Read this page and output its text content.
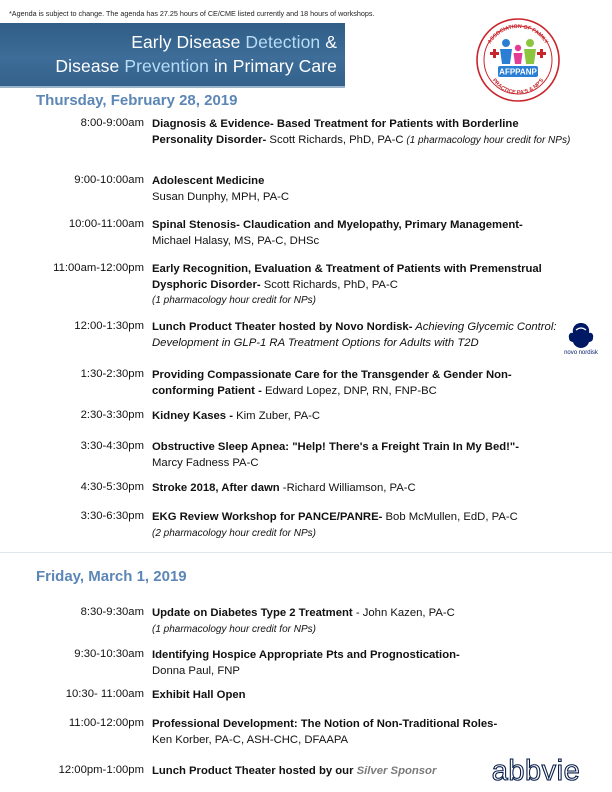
*Agenda is subject to change. The agenda has 27.25 hours of CE/CME listed currently and 18 hours of workshops.
Early Disease Detection &
Disease Prevention in Primary Care
ASSOCIATION OF FAMILY
PRACTICE PA'S & NP'S
AFPPANP
Thursday, February 28, 2019
8:00-9:00am Diagnosis & Evidence- Based Treatment for Patients with Borderline Personality Disorder- Scott Richards, PhD, PA-C (1 pharmacology hour credit for NPs)
9:00-10:00am Adolescent Medicine
Susan Dunphy, MPH, PA-C
10:00-11:00am Spinal Stenosis- Claudication and Myelopathy, Primary Management-
Michael Halasy, MS, PA-C, DHSc
11:00am-12:00pm Early Recognition, Evaluation & Treatment of Patients with Premenstrual Dysphoric Disorder- Scott Richards, PhD, PA-C
(1 pharmacology hour credit for NPs)
12:00-1:30pm Lunch Product Theater hosted by Novo Nordisk- Achieving Glycemic Control: Development in GLP-1 RA Treatment Options for Adults with T2D
novo nordisk
1:30-2:30pm Providing Compassionate Care for the Transgender & Gender Non-conforming Patient - Edward Lopez, DNP, RN, FNP-BC
2:30-3:30pm Kidney Kases - Kim Zuber, PA-C
3:30-4:30pm Obstructive Sleep Apnea: "Help! There's a Freight Train In My Bed!"-
Marcy Fadness PA-C
4:30-5:30pm Stroke 2018, After dawn -Richard Williamson, PA-C
3:30-6:30pm EKG Review Workshop for PANCE/PANRE- Bob McMullen, EdD, PA-C
(2 pharmacology hour credit for NPs)
Friday, March 1, 2019
8:30-9:30am Update on Diabetes Type 2 Treatment - John Kazen, PA-C
(1 pharmacology hour credit for NPs)
9:30-10:30am Identifying Hospice Appropriate Pts and Prognostication-
Donna Paul, FNP
10:30- 11:00am Exhibit Hall Open
11:00-12:00pm Professional Development: The Notion of Non-Traditional Roles-
Ken Korber, PA-C, ASH-CHC, DFAAPA
12:00pm-1:00pm Lunch Product Theater hosted by our Silver Sponsor	abbvie
